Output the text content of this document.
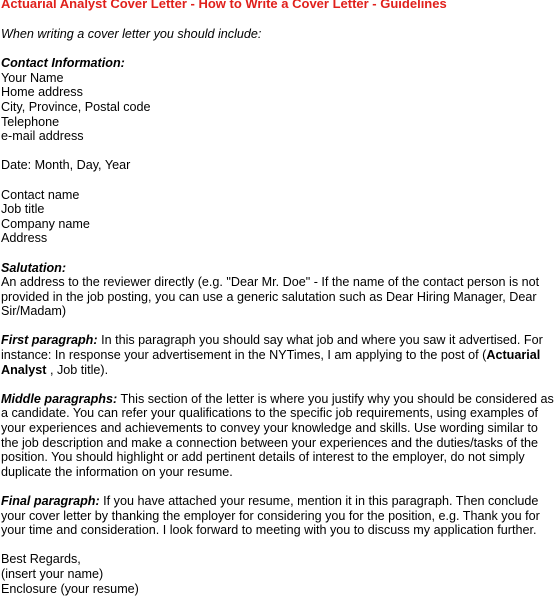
Actuarial Analyst Cover Letter - How to Write a Cover Letter - Guidelines
When writing a cover letter you should include:
Contact Information:
Your Name
Home address
City, Province, Postal code
Telephone
e-mail address
Date: Month, Day, Year
Contact name
Job title
Company name
Address
Salutation:

An address to the reviewer directly (e.g. "Dear Mr. Doe" - If the name of the contact person is not provided in the job posting, you can use a generic salutation such as Dear Hiring Manager, Dear Sir/Madam)

First paragraph: In this paragraph you should say what job and where you saw it advertised. For instance: In response your advertisement in the NYTimes, I am applying to the post of (Actuarial Analyst , Job title).

Middle paragraphs: This section of the letter is where you justify why you should be considered as a candidate. You can refer your qualifications to the specific job requirements, using examples of your experiences and achievements to convey your knowledge and skills. Use wording similar to the job description and make a connection between your experiences and the duties/tasks of the position. You should highlight or add pertinent details of interest to the employer, do not simply duplicate the information on your resume.

Final paragraph: If you have attached your resume, mention it in this paragraph. Then conclude your cover letter by thanking the employer for considering you for the position, e.g. Thank you for your time and consideration. I look forward to meeting with you to discuss my application further.

Best Regards,
(insert your name)
Enclosure (your resume)
